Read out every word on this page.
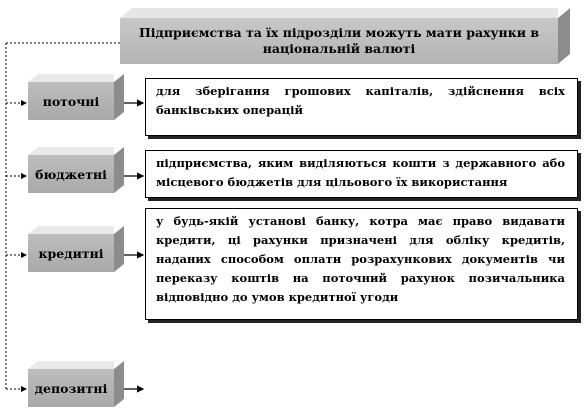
Підприємства та їх підрозділи можуть мати рахунки в національній валюті
поточні
бюджетні
кредитні
депозитні
для зберігання грошових капіталів, здійснення всіх банківських операцій
підприємства, яким виділяються кошти з державного або місцевого бюджетів для цільового їх використання
у будь-якій установі банку, котра має право видавати кредити, ці рахунки призначені для обліку кредитів, наданих способом оплати розрахункових документів чи переказу коштів на поточний рахунок позичальника відповідно до умов кредитної угоди
